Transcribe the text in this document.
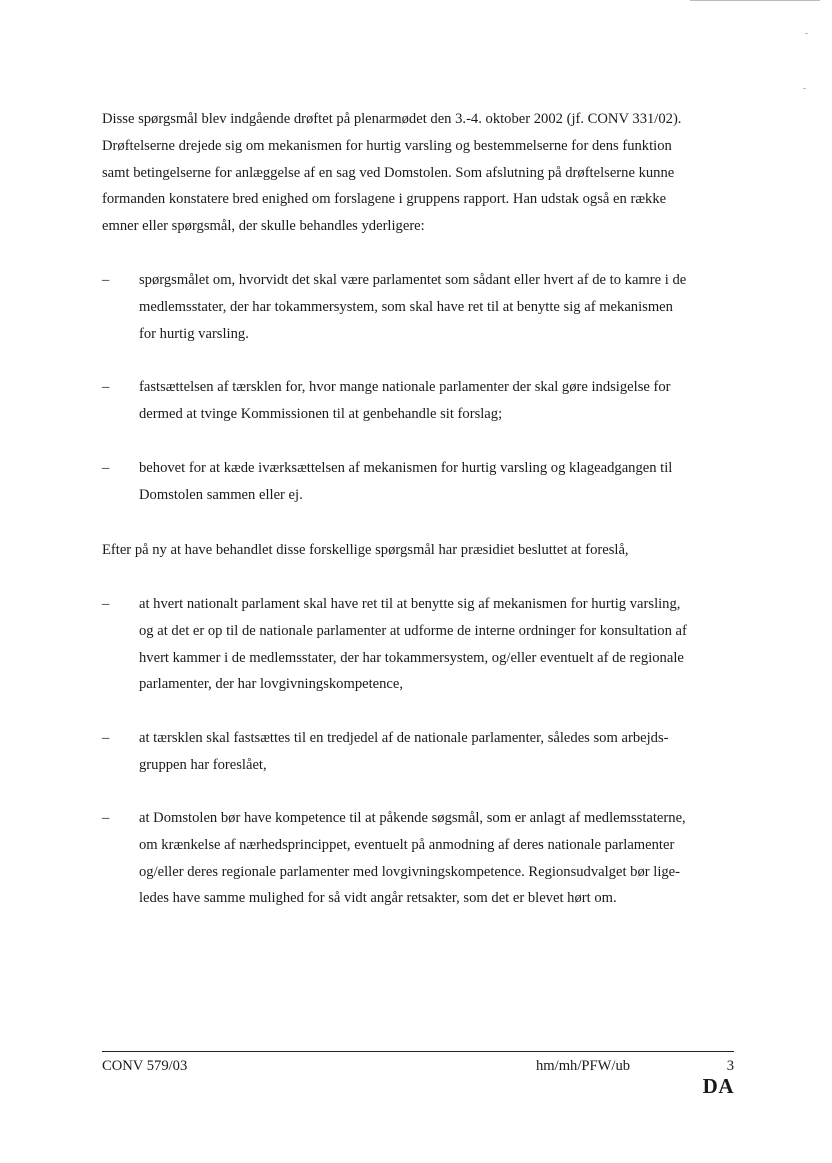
Disse spørgsmål blev indgående drøftet på plenarmødet den 3.-4. oktober 2002 (jf. CONV 331/02).
Drøftelserne drejede sig om mekanismen for hurtig varsling og bestemmelserne for dens funktion
samt betingelserne for anlæggelse af en sag ved Domstolen. Som afslutning på drøftelserne kunne
formanden konstatere bred enighed om forslagene i gruppens rapport. Han udstak også en række
emner eller spørgsmål, der skulle behandles yderligere:
–	spørgsmålet om, hvorvidt det skal være parlamentet som sådant eller hvert af de to kamre i de
medlemsstater, der har tokammersystem, som skal have ret til at benytte sig af mekanismen
for hurtig varsling.
–	fastsættelsen af tærsklen for, hvor mange nationale parlamenter der skal gøre indsigelse for
dermed at tvinge Kommissionen til at genbehandle sit forslag;
–	behovet for at kæde iværksættelsen af mekanismen for hurtig varsling og klageadgangen til
Domstolen sammen eller ej.
Efter på ny at have behandlet disse forskellige spørgsmål har præsidiet besluttet at foreslå,
–	at hvert nationalt parlament skal have ret til at benytte sig af mekanismen for hurtig varsling,
og at det er op til de nationale parlamenter at udforme de interne ordninger for konsultation af
hvert kammer i de medlemsstater, der har tokammersystem, og/eller eventuelt af de regionale
parlamenter, der har lovgivningskompetence,
–	at tærsklen skal fastsættes til en tredjedel af de nationale parlamenter, således som arbejds-
gruppen har foreslået,
–	at Domstolen bør have kompetence til at påkende søgsmål, som er anlagt af medlemsstaterne,
om krænkelse af nærhedsprincippet, eventuelt på anmodning af deres nationale parlamenter
og/eller deres regionale parlamenter med lovgivningskompetence. Regionsudvalget bør lige-
ledes have samme mulighed for så vidt angår retsakter, som det er blevet hørt om.
CONV 579/03	hm/mh/PFW/ub	3
DA
